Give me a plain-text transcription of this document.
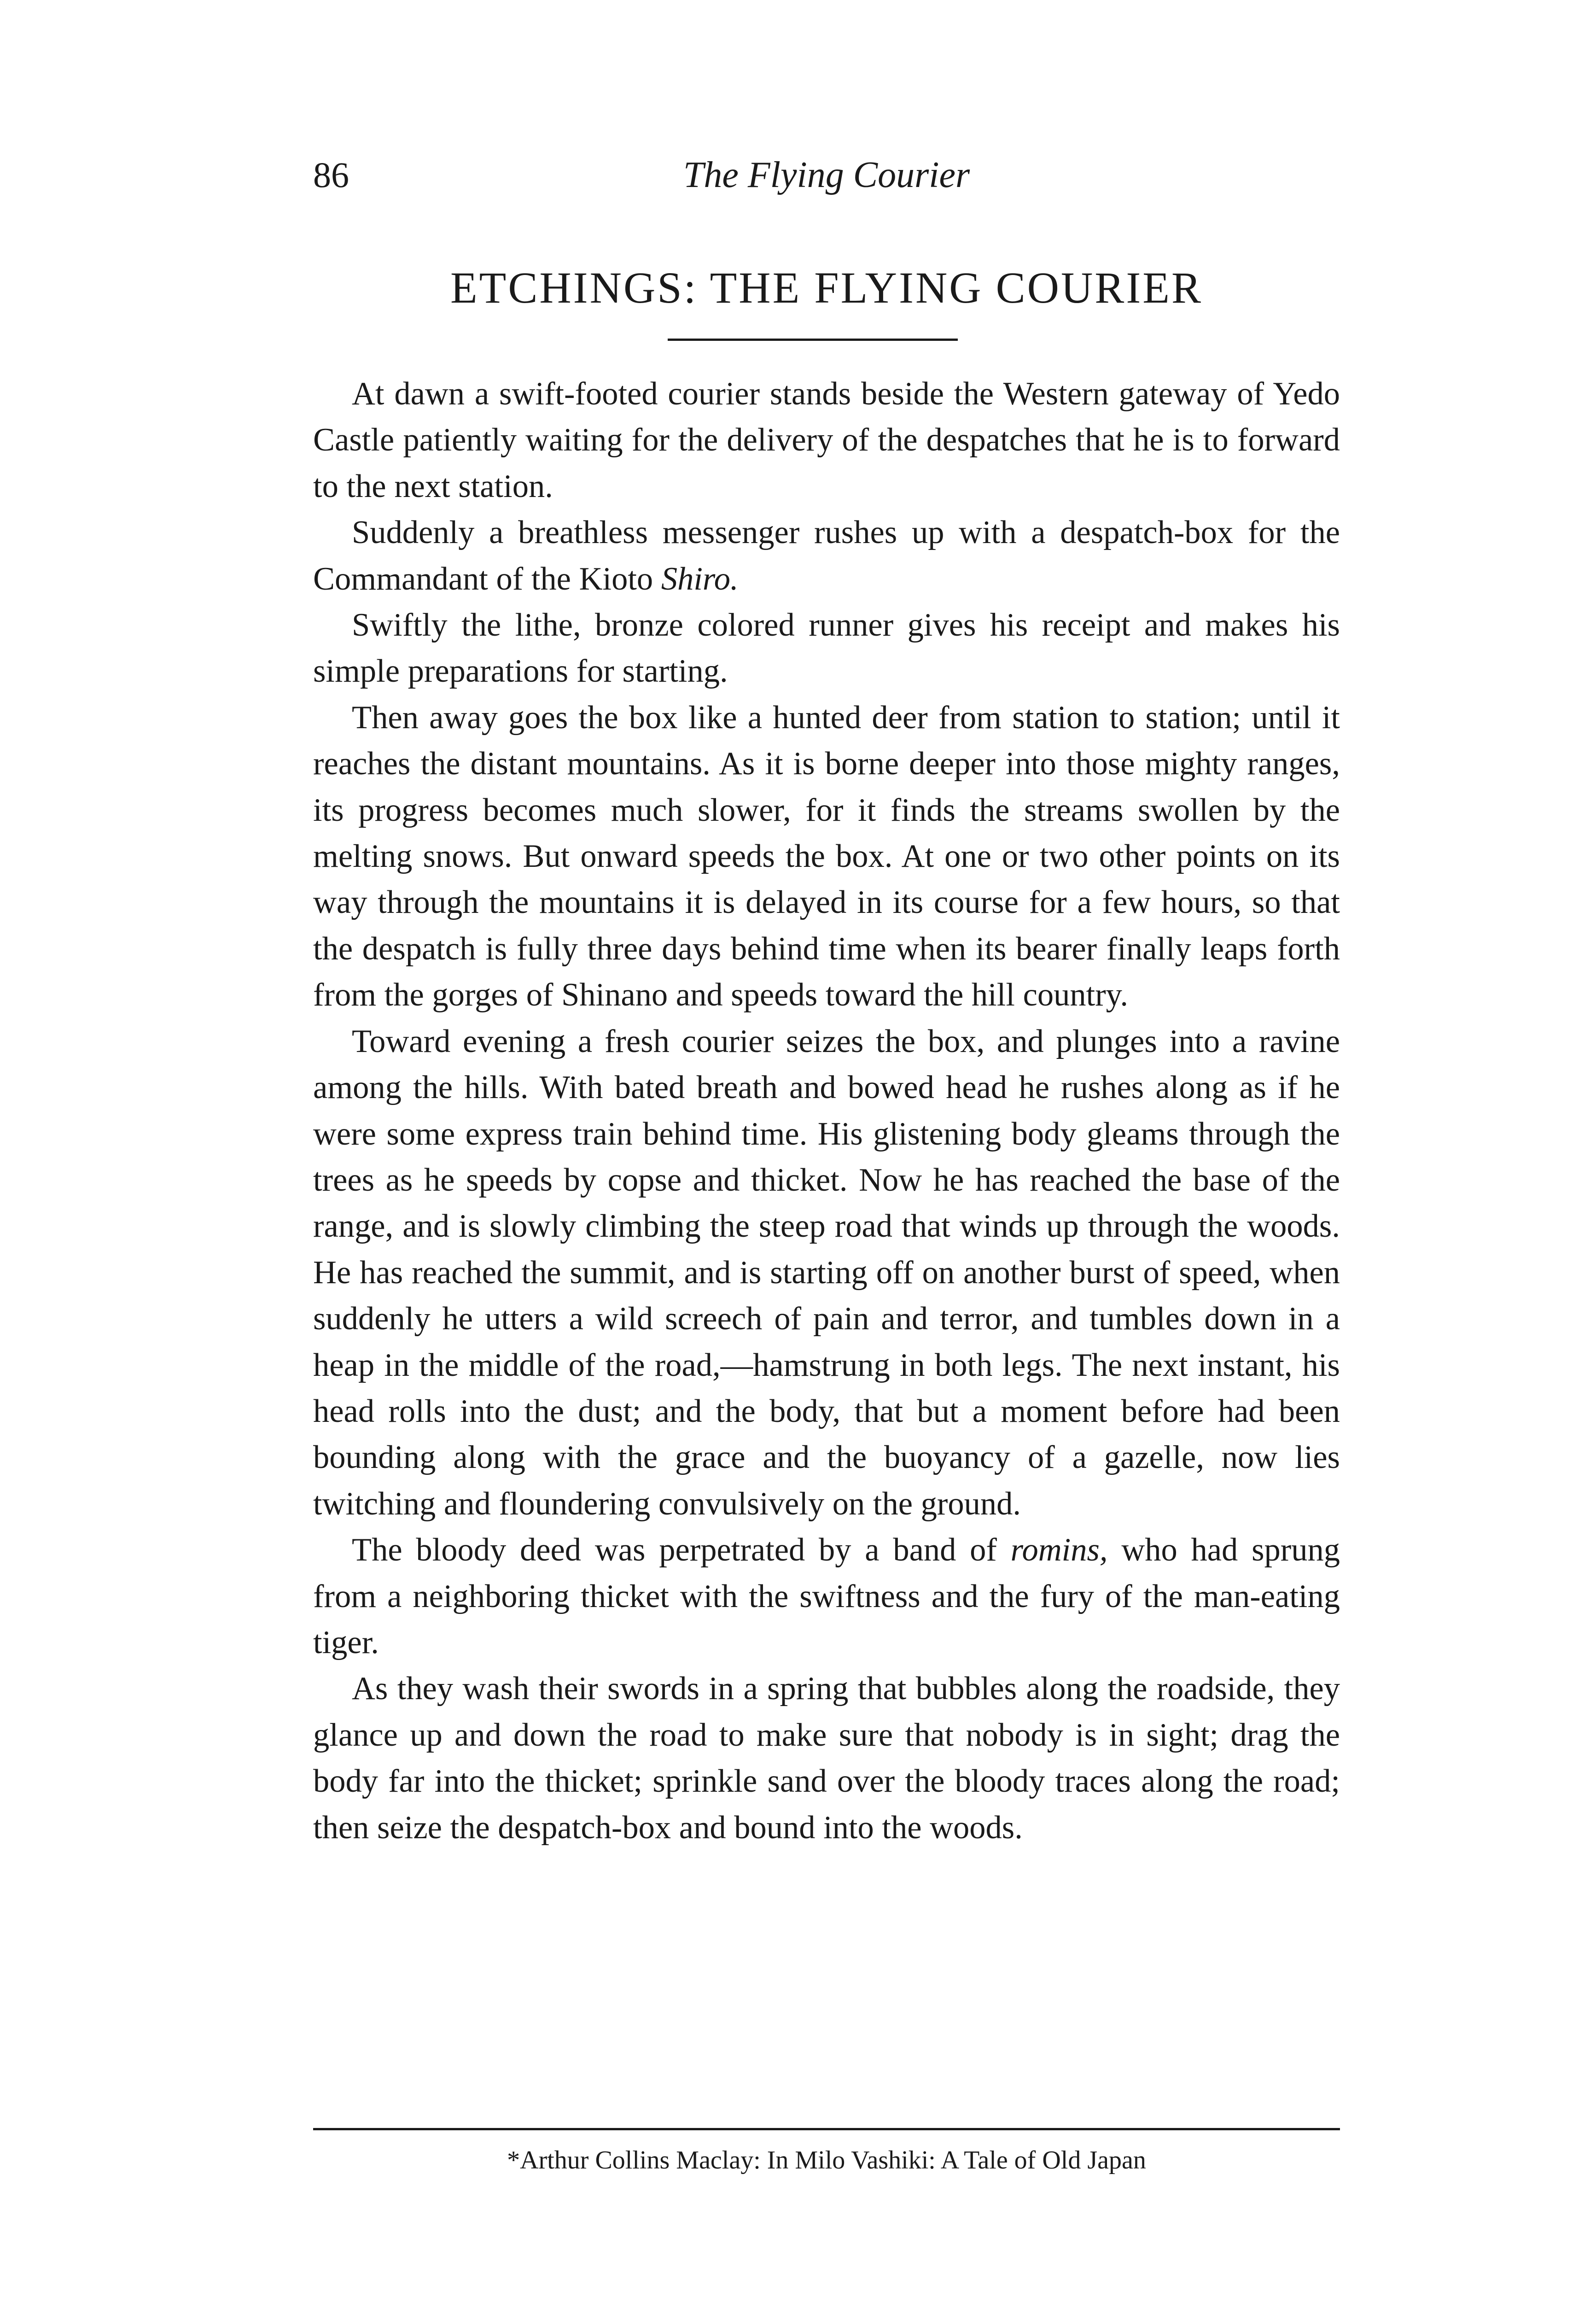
86	The Flying Courier
ETCHINGS: THE FLYING COURIER

At dawn a swift-footed courier stands beside the Western gateway of Yedo Castle patiently waiting for the delivery of the despatches that he is to forward to the next station.

Suddenly a breathless messenger rushes up with a despatch-box for the Commandant of the Kioto Shiro.

Swiftly the lithe, bronze colored runner gives his receipt and makes his simple preparations for starting.

Then away goes the box like a hunted deer from station to station; until it reaches the distant mountains. As it is borne deeper into those mighty ranges, its progress becomes much slower, for it finds the streams swollen by the melting snows. But onward speeds the box. At one or two other points on its way through the mountains it is delayed in its course for a few hours, so that the despatch is fully three days behind time when its bearer finally leaps forth from the gorges of Shinano and speeds toward the hill country.

Toward evening a fresh courier seizes the box, and plunges into a ravine among the hills. With bated breath and bowed head he rushes along as if he were some express train behind time. His glistening body gleams through the trees as he speeds by copse and thicket. Now he has reached the base of the range, and is slowly climbing the steep road that winds up through the woods. He has reached the summit, and is starting off on another burst of speed, when suddenly he utters a wild screech of pain and terror, and tumbles down in a heap in the middle of the road,—hamstrung in both legs. The next instant, his head rolls into the dust; and the body, that but a moment before had been bounding along with the grace and the buoyancy of a gazelle, now lies twitching and floundering convulsively on the ground.

The bloody deed was perpetrated by a band of romins, who had sprung from a neighboring thicket with the swiftness and the fury of the man-eating tiger.

As they wash their swords in a spring that bubbles along the roadside, they glance up and down the road to make sure that nobody is in sight; drag the body far into the thicket; sprinkle sand over the bloody traces along the road; then seize the despatch-box and bound into the woods.

*Arthur Collins Maclay: In Milo Vashiki: A Tale of Old Japan
